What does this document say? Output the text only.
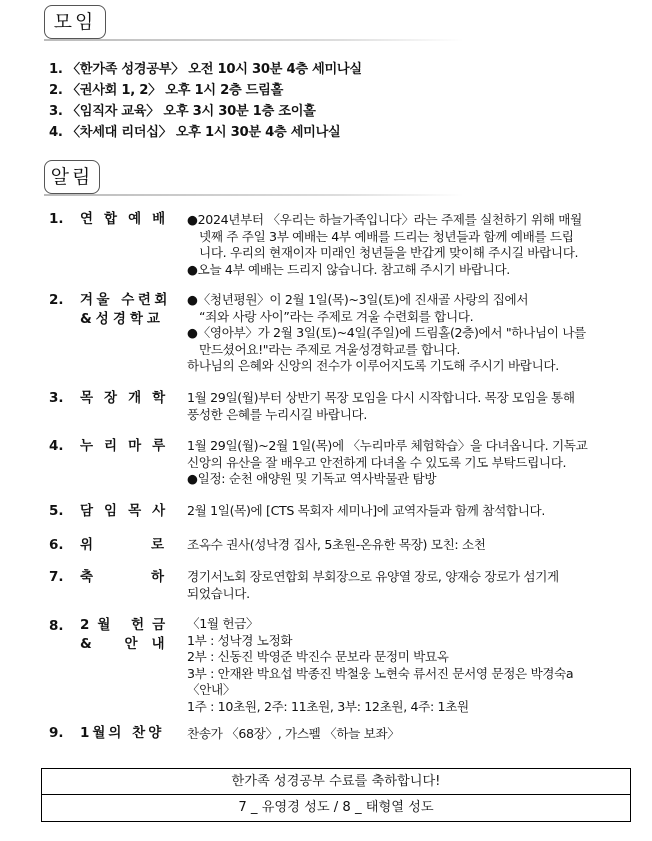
모임
1. 〈한가족 성경공부〉 오전 10시 30분 4층 세미나실
2. 〈권사회 1, 2〉 오후 1시 2층 드림홀
3. 〈임직자 교육〉 오후 3시 30분 1층 조이홀
4. 〈차세대 리더십〉 오후 1시 30분 4층 세미나실
알림
1. 연합예배 ●2024년부터 〈우리는 하늘가족입니다〉라는 주제를 실천하기 위해 매월
넷째 주 주일 3부 예배는 4부 예배를 드리는 청년들과 함께 예배를 드립
니다. 우리의 현재이자 미래인 청년들을 반갑게 맞이해 주시길 바랍니다.
●오늘 4부 예배는 드리지 않습니다. 참고해 주시기 바랍니다.
2. 겨울 수련회
&성경학교
●〈청년평원〉이 2월 1일(목)~3일(토)에 진새골 사랑의 집에서
“죄와 사랑 사이”라는 주제로 겨울 수련회를 합니다.
●〈영아부〉가 2월 3일(토)~4일(주일)에 드림홀(2층)에서 "하나님이 나를
만드셨어요!"라는 주제로 겨울성경학교를 합니다.
하나님의 은혜와 신앙의 전수가 이루어지도록 기도해 주시기 바랍니다.
3. 목장개학 1월 29일(월)부터 상반기 목장 모임을 다시 시작합니다. 목장 모임을 통해
풍성한 은혜를 누리시길 바랍니다.
4. 누리마루 1월 29일(월)~2월 1일(목)에 〈누리마루 체험학습〉을 다녀옵니다. 기독교
신앙의 유산을 잘 배우고 안전하게 다녀올 수 있도록 기도 부탁드립니다.
●일정: 순천 애양원 및 기독교 역사박물관 탐방
5. 담임목사 2월 1일(목)에 [CTS 목회자 세미나]에 교역자들과 함께 참석합니다.
6. 위로
조옥수 권사(성낙경 집사, 5초원-온유한 목장) 모친: 소천
7. 축하
경기서노회 장로연합회 부회장으로 유양열 장로, 양재승 장로가 섬기게
되었습니다.
8. 2월 헌금
& 안내
〈1월 헌금〉
1부 : 성낙경 노정화
2부 : 신동진 박영준 박진수 문보라 문정미 박묘옥
3부 : 안재완 박요섭 박종진 박철웅 노현숙 류서진 문서영 문정은 박경숙a
〈안내〉
1주 : 10초원, 2주: 11초원, 3부: 12초원, 4주: 1초원
9. 1월의 찬양	찬송가 〈68장〉, 가스펠 〈하늘 보좌〉
한가족 성경공부 수료를 축하합니다!
7 _ 유영경 성도 / 8 _ 태형열 성도
